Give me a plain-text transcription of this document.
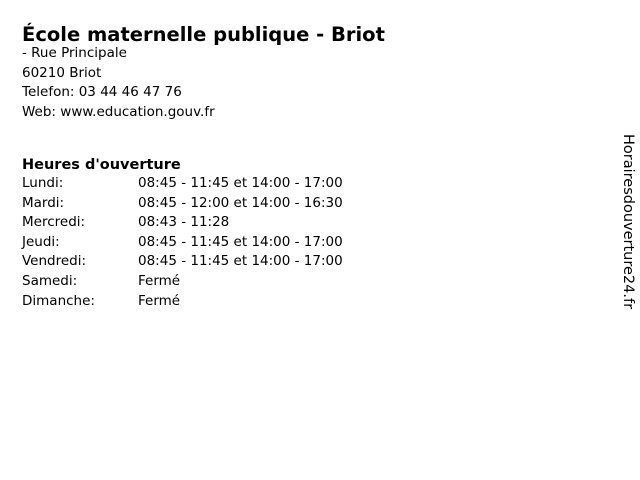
École maternelle publique - Briot
- Rue Principale
60210 Briot
Telefon: 03 44 46 47 76
Web: www.education.gouv.fr
Heures d'ouverture
Lundi:	08:45 - 11:45 et 14:00 - 17:00
Mardi:	08:45 - 12:00 et 14:00 - 16:30
Mercredi:	08:43 - 11:28
Jeudi:	08:45 - 11:45 et 14:00 - 17:00
Vendredi:	08:45 - 11:45 et 14:00 - 17:00
Samedi:	Fermé
Dimanche:	Fermé	Horairesdouverture24.fr
